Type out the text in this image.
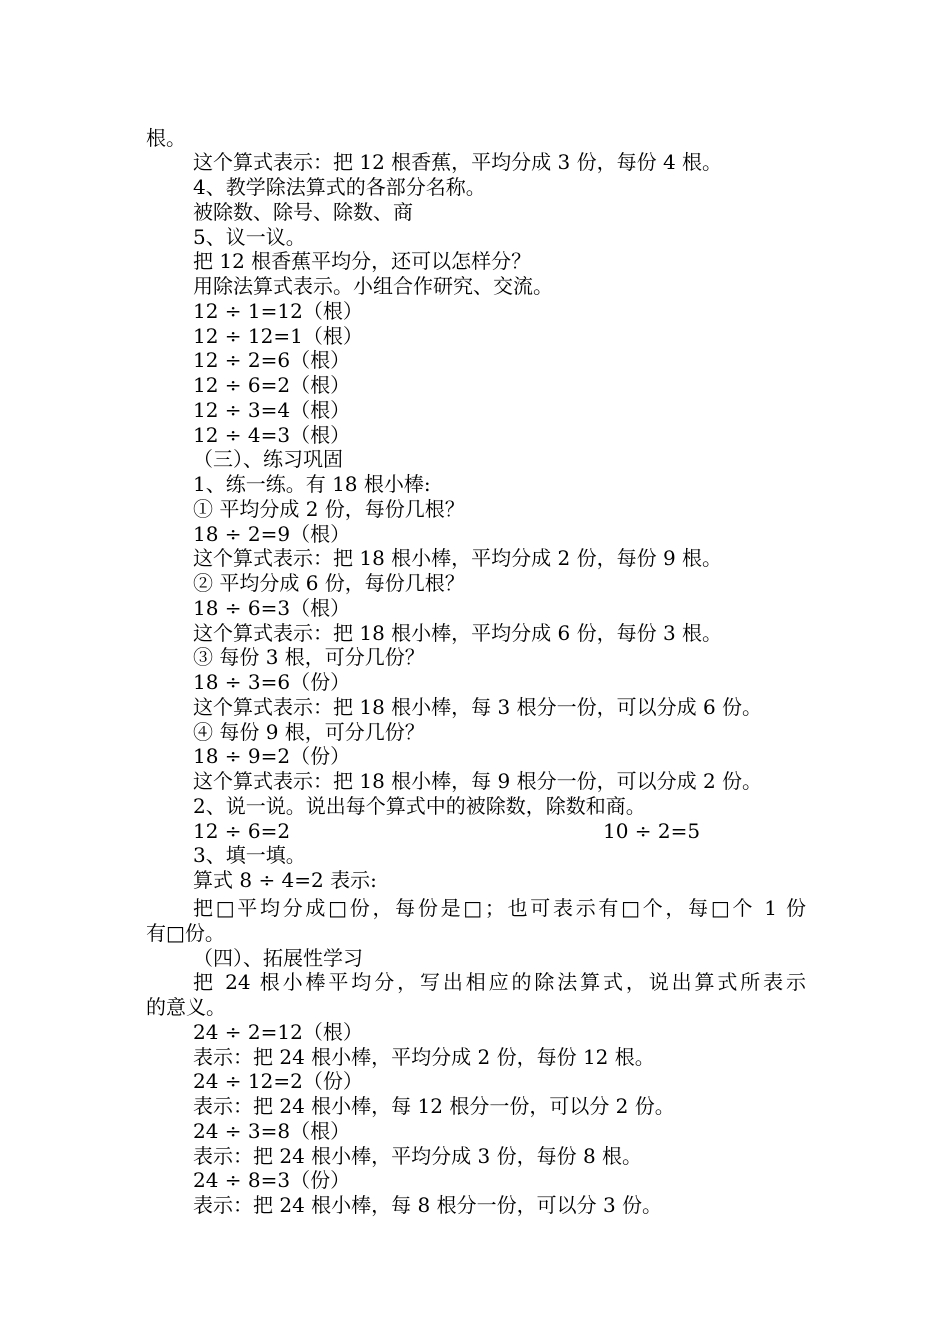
根。

这个算式表示：把 12 根香蕉，平均分成 3 份，每份 4 根。

4、教学除法算式的各部分名称。

被除数、除号、除数、商

5、议一议。

把 12 根香蕉平均分，还可以怎样分？

用除法算式表示。小组合作研究、交流。

12 ÷ 1=12（根）

12 ÷ 12=1（根）

12 ÷ 2=6（根）

12 ÷ 6=2（根）

12 ÷ 3=4（根）

12 ÷ 4=3（根）

（三）、练习巩固

1、练一练。有 18 根小棒:

① 平均分成 2 份，每份几根？

18 ÷ 2=9（根）

这个算式表示：把 18 根小棒，平均分成 2 份，每份 9 根。

② 平均分成 6 份，每份几根？

18 ÷ 6=3（根）

这个算式表示：把 18 根小棒，平均分成 6 份，每份 3 根。

③ 每份 3 根，可分几份？

18 ÷ 3=6（份）

这个算式表示：把 18 根小棒，每 3 根分一份，可以分成 6 份。

④ 每份 9 根，可分几份？

18 ÷ 9=2（份）

这个算式表示：把 18 根小棒，每 9 根分一份，可以分成 2 份。

2、说一说。说出每个算式中的被除数，除数和商。

12 ÷ 6=2	10 ÷ 2=5

3、填一填。

算式 8 ÷ 4=2 表示:

把□平均分成□份，每份是□；也可表示有□个，每□个 1 份

有□份。

（四）、拓展性学习

把 24 根小棒平均分，写出相应的除法算式，说出算式所表示

的意义。

24 ÷ 2=12（根）

表示：把 24 根小棒，平均分成 2 份，每份 12 根。

24 ÷ 12=2（份）

表示：把 24 根小棒，每 12 根分一份，可以分 2 份。

24 ÷ 3=8（根）

表示：把 24 根小棒，平均分成 3 份，每份 8 根。

24 ÷ 8=3（份）

表示：把 24 根小棒，每 8 根分一份，可以分 3 份。
